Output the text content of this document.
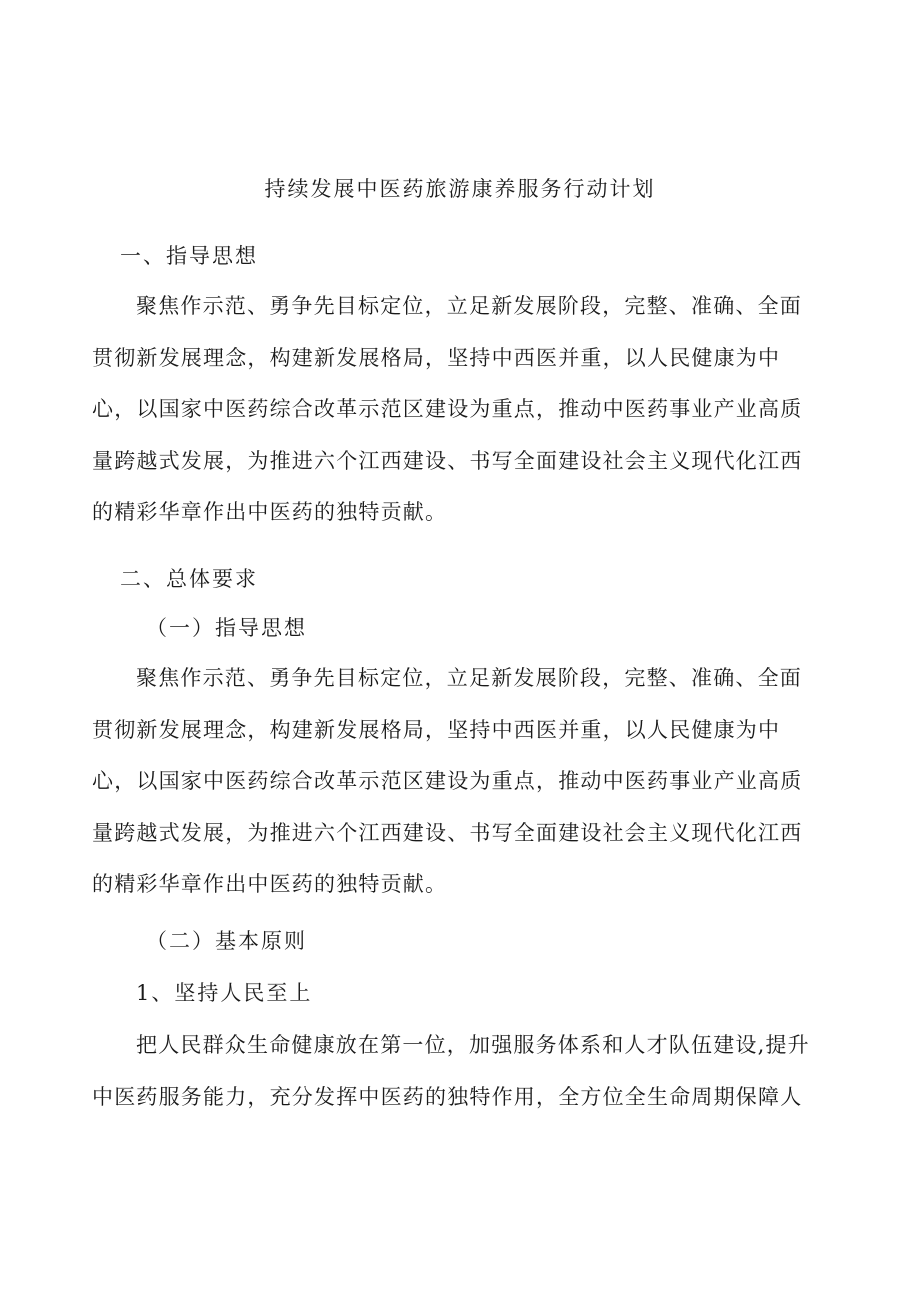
持续发展中医药旅游康养服务行动计划
一、指导思想
聚焦作示范、勇争先目标定位，立足新发展阶段，完整、准确、全面
贯彻新发展理念，构建新发展格局，坚持中西医并重，以人民健康为中
心，以国家中医药综合改革示范区建设为重点，推动中医药事业产业高质
量跨越式发展，为推进六个江西建设、书写全面建设社会主义现代化江西
的精彩华章作出中医药的独特贡献。
二、总体要求
（一）指导思想
聚焦作示范、勇争先目标定位，立足新发展阶段，完整、准确、全面
贯彻新发展理念，构建新发展格局，坚持中西医并重，以人民健康为中
心，以国家中医药综合改革示范区建设为重点，推动中医药事业产业高质
量跨越式发展，为推进六个江西建设、书写全面建设社会主义现代化江西
的精彩华章作出中医药的独特贡献。
（二）基本原则
1、坚持人民至上
把人民群众生命健康放在第一位，加强服务体系和人才队伍建设,提升
中医药服务能力，充分发挥中医药的独特作用，全方位全生命周期保障人
